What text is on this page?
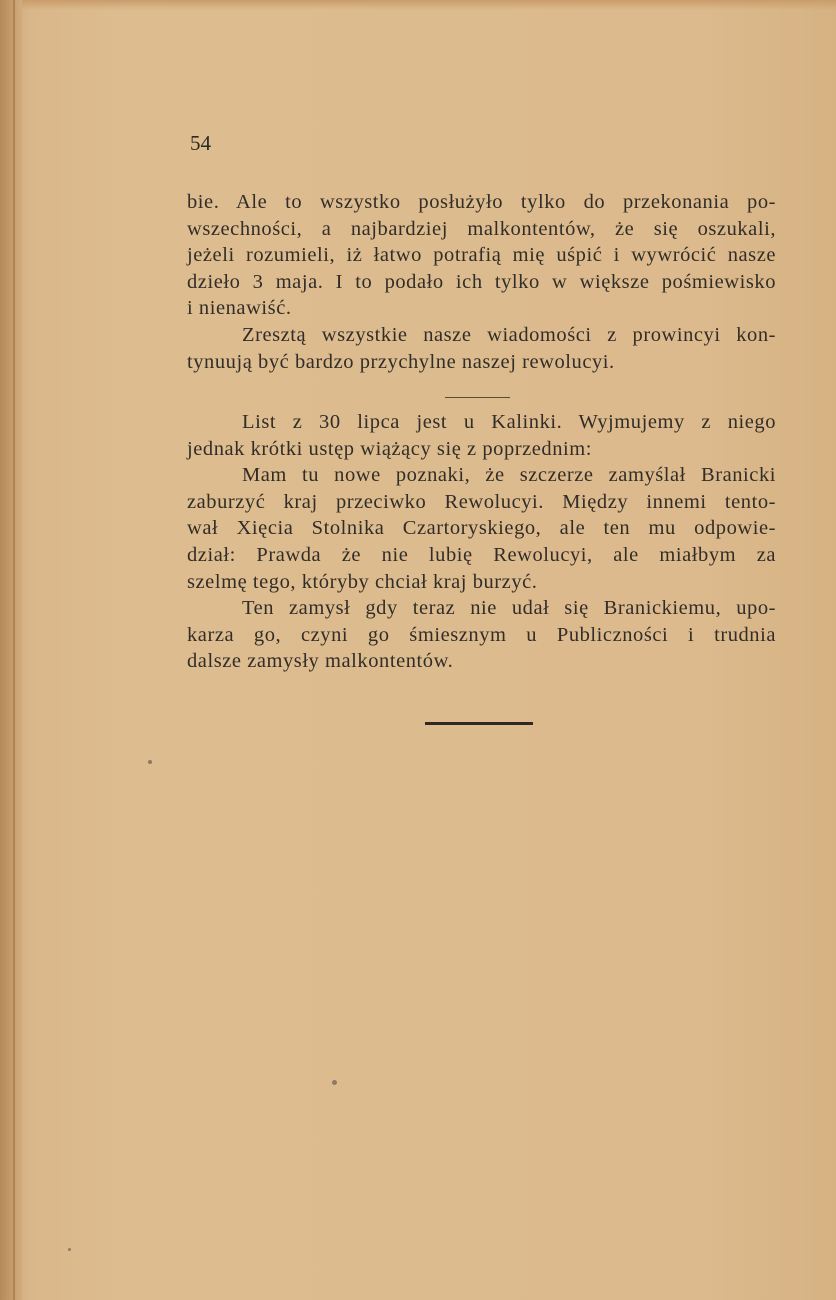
54
bie. Ale to wszystko posłużyło tylko do przekonania po-
wszechności, a najbardziej malkontentów, że się oszukali,
jeżeli rozumieli, iż łatwo potrafią mię uśpić i wywrócić nasze
dzieło 3 maja. I to podało ich tylko w większe pośmiewisko
i nienawiść.
Zresztą wszystkie nasze wiadomości z prowincyi kon-
tynuują być bardzo przychylne naszej rewolucyi.
List z 30 lipca jest u Kalinki. Wyjmujemy z niego
jednak krótki ustęp wiążący się z poprzednim:
Mam tu nowe poznaki, że szczerze zamyślał Branicki
zaburzyć kraj przeciwko Rewolucyi. Między innemi tento-
wał Xięcia Stolnika Czartoryskiego, ale ten mu odpowie-
dział: Prawda że nie lubię Rewolucyi, ale miałbym za
szelmę tego, któryby chciał kraj burzyć.
Ten zamysł gdy teraz nie udał się Branickiemu, upo-
karza go, czyni go śmiesznym u Publiczności i trudnia
dalsze zamysły malkontentów.
